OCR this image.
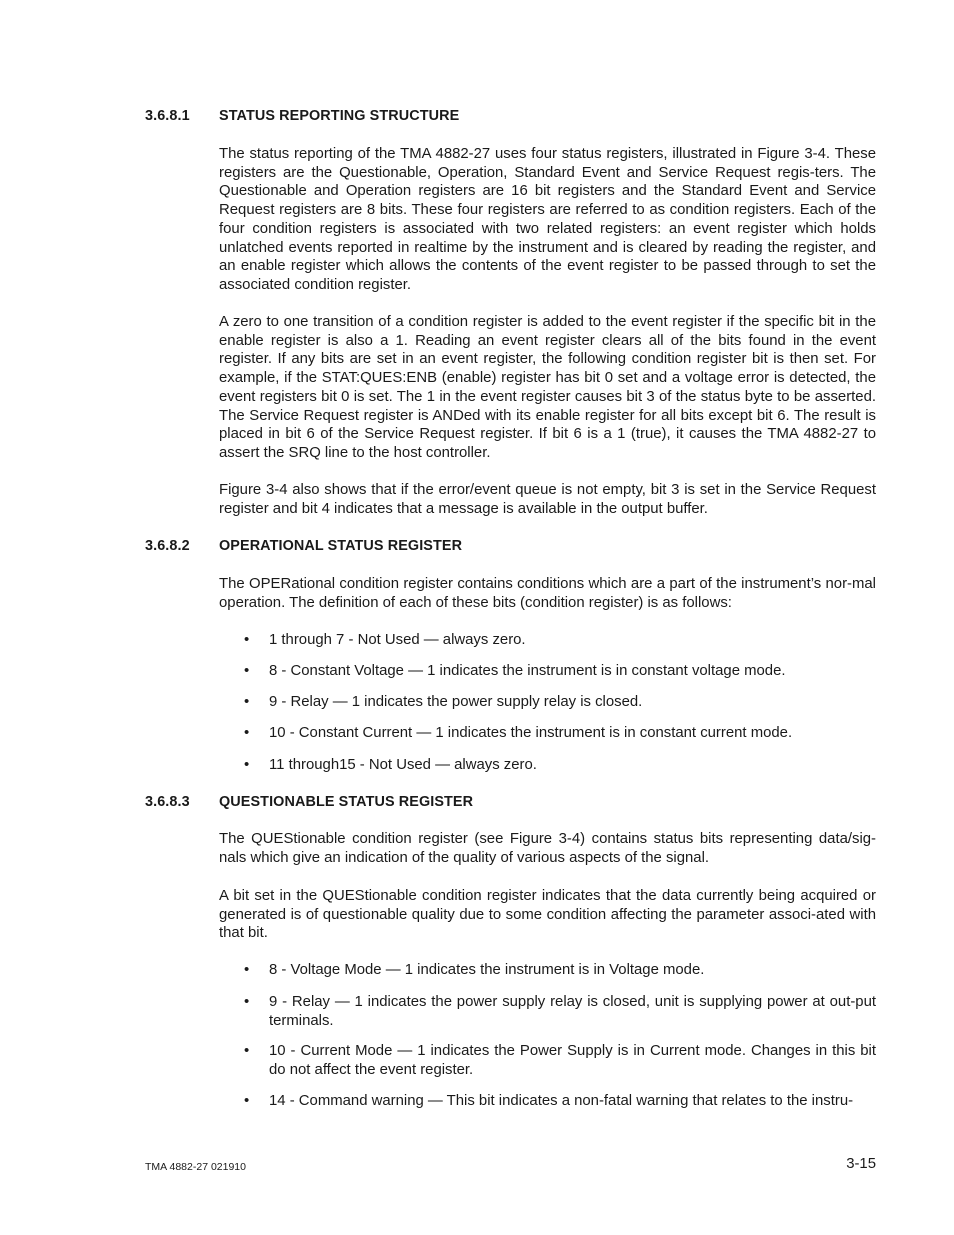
3.6.8.1 STATUS REPORTING STRUCTURE
The status reporting of the TMA 4882-27 uses four status registers, illustrated in Figure 3-4. These registers are the Questionable, Operation, Standard Event and Service Request regis-ters. The Questionable and Operation registers are 16 bit registers and the Standard Event and Service Request registers are 8 bits. These four registers are referred to as condition registers. Each of the four condition registers is associated with two related registers: an event register which holds unlatched events reported in realtime by the instrument and is cleared by reading the register, and an enable register which allows the contents of the event register to be passed through to set the associated condition register.
A zero to one transition of a condition register is added to the event register if the specific bit in the enable register is also a 1. Reading an event register clears all of the bits found in the event register. If any bits are set in an event register, the following condition register bit is then set. For example, if the STAT:QUES:ENB (enable) register has bit 0 set and a voltage error is detected, the event registers bit 0 is set. The 1 in the event register causes bit 3 of the status byte to be asserted. The Service Request register is ANDed with its enable register for all bits except bit 6. The result is placed in bit 6 of the Service Request register. If bit 6 is a 1 (true), it causes the TMA 4882-27 to assert the SRQ line to the host controller.
Figure 3-4 also shows that if the error/event queue is not empty, bit 3 is set in the Service Request register and bit 4 indicates that a message is available in the output buffer.
3.6.8.2 OPERATIONAL STATUS REGISTER
The OPERational condition register contains conditions which are a part of the instrument’s nor-mal operation. The definition of each of these bits (condition register) is as follows:
•	1 through 7 - Not Used — always zero.
•	8 - Constant Voltage — 1 indicates the instrument is in constant voltage mode.
•	9 - Relay — 1 indicates the power supply relay is closed.
•	10 - Constant Current — 1 indicates the instrument is in constant current mode.
•	11 through15 - Not Used — always zero.
3.6.8.3 QUESTIONABLE STATUS REGISTER
The QUEStionable condition register (see Figure 3-4) contains status bits representing data/sig-nals which give an indication of the quality of various aspects of the signal.
A bit set in the QUEStionable condition register indicates that the data currently being acquired or generated is of questionable quality due to some condition affecting the parameter associ-ated with that bit.
•	8 - Voltage Mode — 1 indicates the instrument is in Voltage mode.
•	9 - Relay — 1 indicates the power supply relay is closed, unit is supplying power at out-put terminals.
•	10 - Current Mode — 1 indicates the Power Supply is in Current mode. Changes in this bit do not affect the event register.
•	14 - Command warning — This bit indicates a non-fatal warning that relates to the instru-
TMA 4882-27 021910	3-15
